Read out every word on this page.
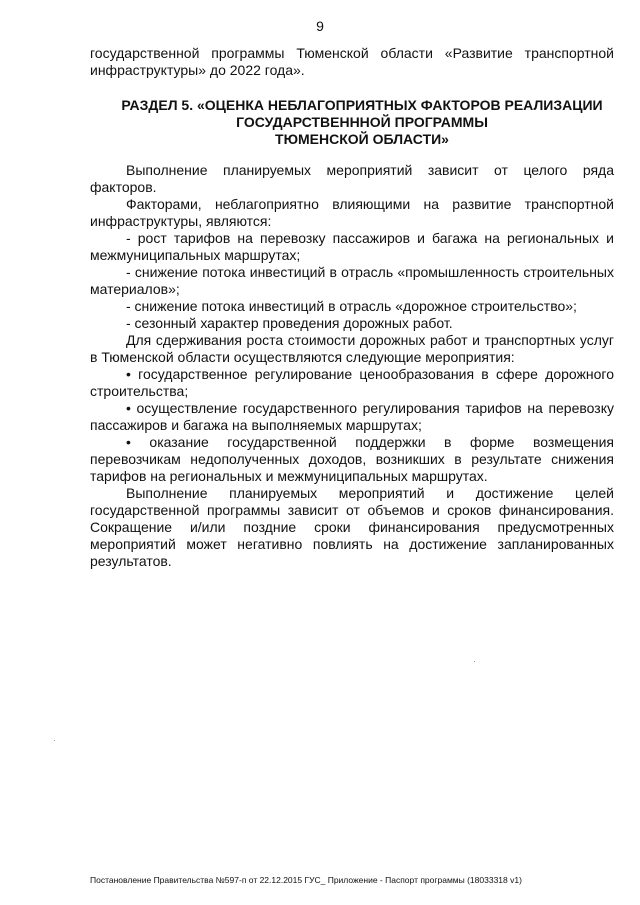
9
государственной программы Тюменской области «Развитие транспортной инфраструктуры» до 2022 года».
РАЗДЕЛ 5. «ОЦЕНКА НЕБЛАГОПРИЯТНЫХ ФАКТОРОВ РЕАЛИЗАЦИИ
ГОСУДАРСТВЕНННОЙ ПРОГРАММЫ
ТЮМЕНСКОЙ ОБЛАСТИ»

Выполнение планируемых мероприятий зависит от целого ряда факторов.

Факторами, неблагоприятно влияющими на развитие транспортной инфраструктуры, являются:

- рост тарифов на перевозку пассажиров и багажа на региональных и межмуниципальных маршрутах;

- снижение потока инвестиций в отрасль «промышленность строительных материалов»;

- снижение потока инвестиций в отрасль «дорожное строительство»;

- сезонный характер проведения дорожных работ.

Для сдерживания роста стоимости дорожных работ и транспортных услуг в Тюменской области осуществляются следующие мероприятия:

• государственное регулирование ценообразования в сфере дорожного строительства;

• осуществление государственного регулирования тарифов на перевозку пассажиров и багажа на выполняемых маршрутах;

• оказание государственной поддержки в форме возмещения перевозчикам недополученных доходов, возникших в результате снижения тарифов на региональных и межмуниципальных маршрутах.

Выполнение планируемых мероприятий и достижение целей государственной программы зависит от объемов и сроков финансирования. Сокращение и/или поздние сроки финансирования предусмотренных мероприятий может негативно повлиять на достижение запланированных результатов.

Постановление Правительства №597-п от 22.12.2015 ГУС_ Приложение - Паспорт программы (18033318 v1)
